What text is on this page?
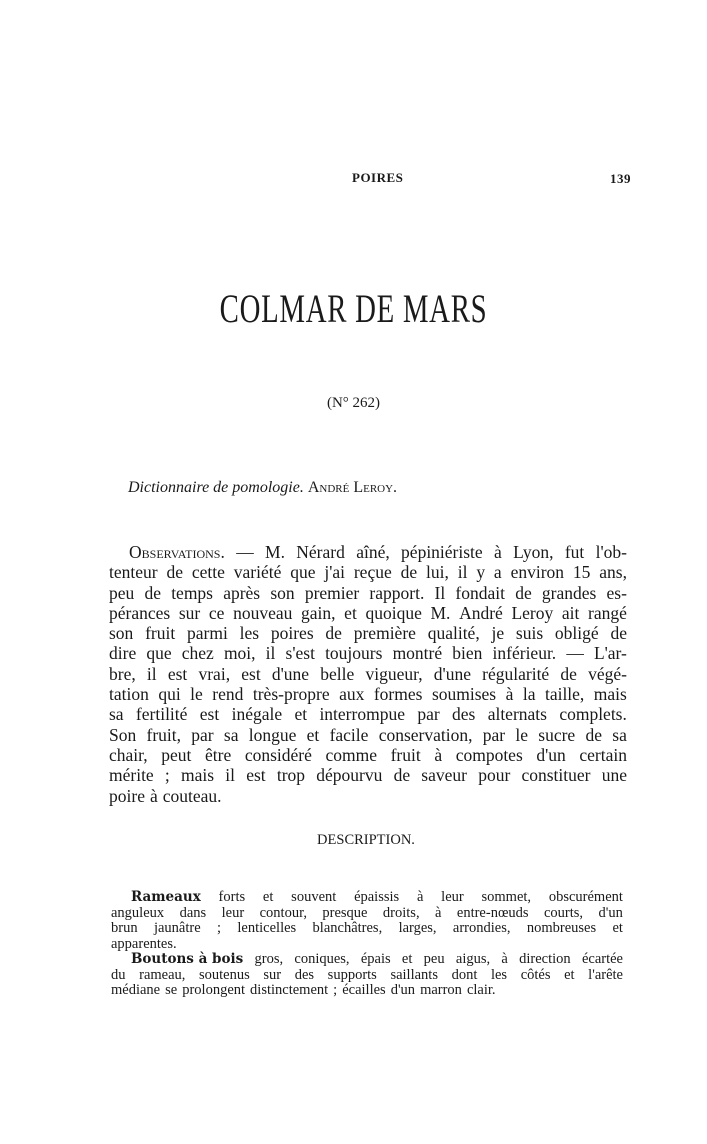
POIRES	139
COLMAR DE MARS
(N° 262)
Dictionnaire de pomologie. André Leroy.
Observations. — M. Nérard aîné, pépiniériste à Lyon, fut l'ob-
tenteur de cette variété que j'ai reçue de lui, il y a environ 15 ans,
peu de temps après son premier rapport. Il fondait de grandes es-
pérances sur ce nouveau gain, et quoique M. André Leroy ait rangé
son fruit parmi les poires de première qualité, je suis obligé de
dire que chez moi, il s'est toujours montré bien inférieur. — L'ar-
bre, il est vrai, est d'une belle vigueur, d'une régularité de végé-
tation qui le rend très-propre aux formes soumises à la taille, mais
sa fertilité est inégale et interrompue par des alternats complets.
Son fruit, par sa longue et facile conservation, par le sucre de sa
chair, peut être considéré comme fruit à compotes d'un certain
mérite ; mais il est trop dépourvu de saveur pour constituer une
poire à couteau.
DESCRIPTION.
Rameaux forts et souvent épaissis à leur sommet, obscurément
anguleux dans leur contour, presque droits, à entre-nœuds courts, d'un
brun jaunâtre ; lenticelles blanchâtres, larges, arrondies, nombreuses et
apparentes.
Boutons à bois gros, coniques, épais et peu aigus, à direction écartée
du rameau, soutenus sur des supports saillants dont les côtés et l'arête
médiane se prolongent distinctement ; écailles d'un marron clair.
